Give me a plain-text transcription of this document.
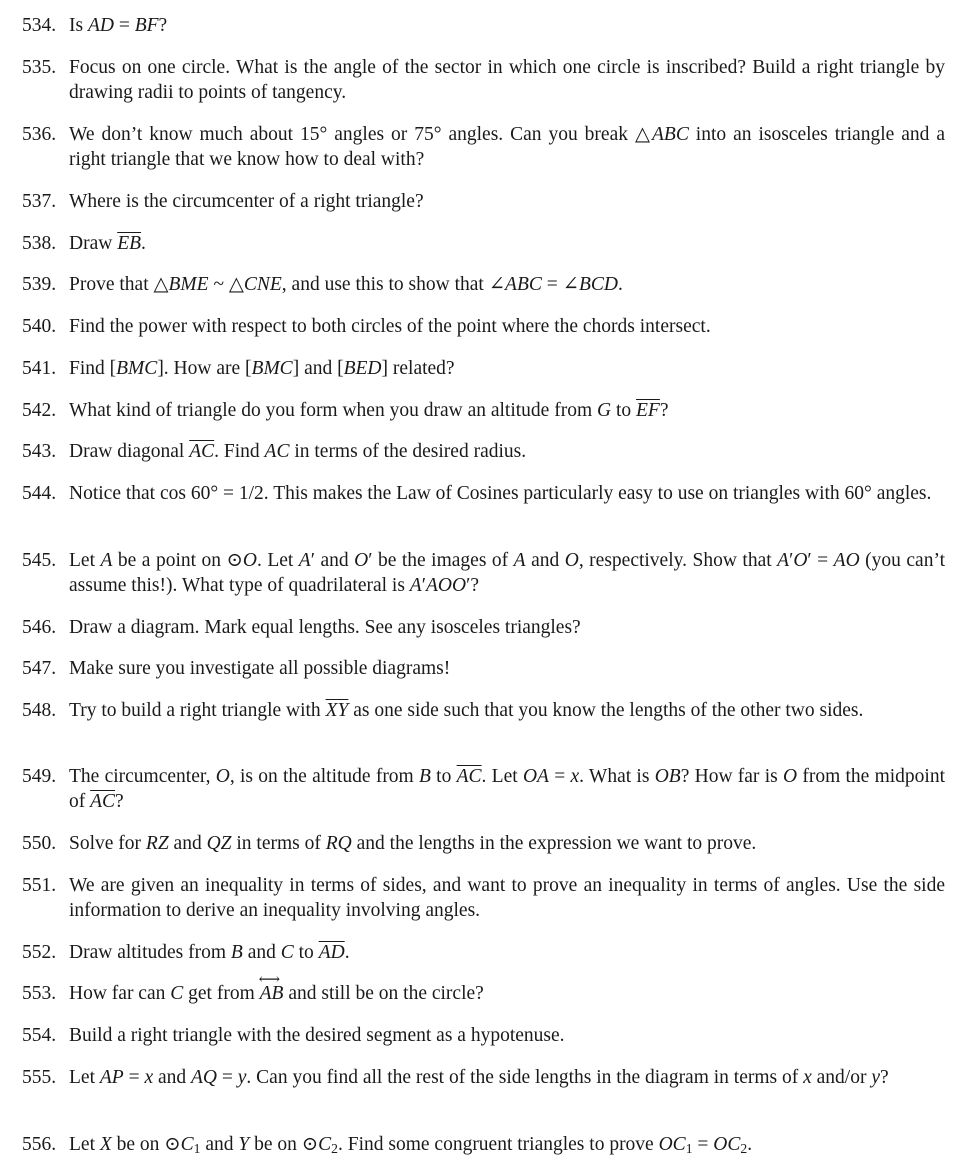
534. Is AD = BF?
535. Focus on one circle. What is the angle of the sector in which one circle is inscribed? Build a right triangle by drawing radii to points of tangency.
536. We don’t know much about 15° angles or 75° angles. Can you break △ABC into an isosceles triangle and a right triangle that we know how to deal with?
537. Where is the circumcenter of a right triangle?
538. Draw $\overline{EB}$.
539. Prove that △BME ~ △CNE, and use this to show that ∠ABC = ∠BCD.
540. Find the power with respect to both circles of the point where the chords intersect.
541. Find [BMC]. How are [BMC] and [BED] related?
542. What kind of triangle do you form when you draw an altitude from G to $\overline{EF}$?
543. Draw diagonal $\overline{AC}$. Find AC in terms of the desired radius.
544. Notice that cos 60° = 1/2. This makes the Law of Cosines particularly easy to use on triangles with 60° angles.
545. Let A be a point on ⊙O. Let A′ and O′ be the images of A and O, respectively. Show that A′O′ = AO (you can’t assume this!). What type of quadrilateral is A′AOO′?
546. Draw a diagram. Mark equal lengths. See any isosceles triangles?
547. Make sure you investigate all possible diagrams!
548. Try to build a right triangle with $\overline{XY}$ as one side such that you know the lengths of the other two sides.
549. The circumcenter, O, is on the altitude from B to $\overline{AC}$. Let OA = x. What is OB? How far is O from the midpoint of $\overline{AC}$?
550. Solve for RZ and QZ in terms of RQ and the lengths in the expression we want to prove.
551. We are given an inequality in terms of sides, and want to prove an inequality in terms of angles. Use the side information to derive an inequality involving angles.
552. Draw altitudes from B and C to $\overline{AD}$.
553. How far can C get from
⟷
AB and still be on the circle?
554. Build a right triangle with the desired segment as a hypotenuse.
555. Let AP = x and AQ = y. Can you find all the rest of the side lengths in the diagram in terms of x and/or y?
556. Let X be on $⊙C_1$ and Y be on $⊙C_2$. Find some congruent triangles to prove $OC_1 = OC_2$.
